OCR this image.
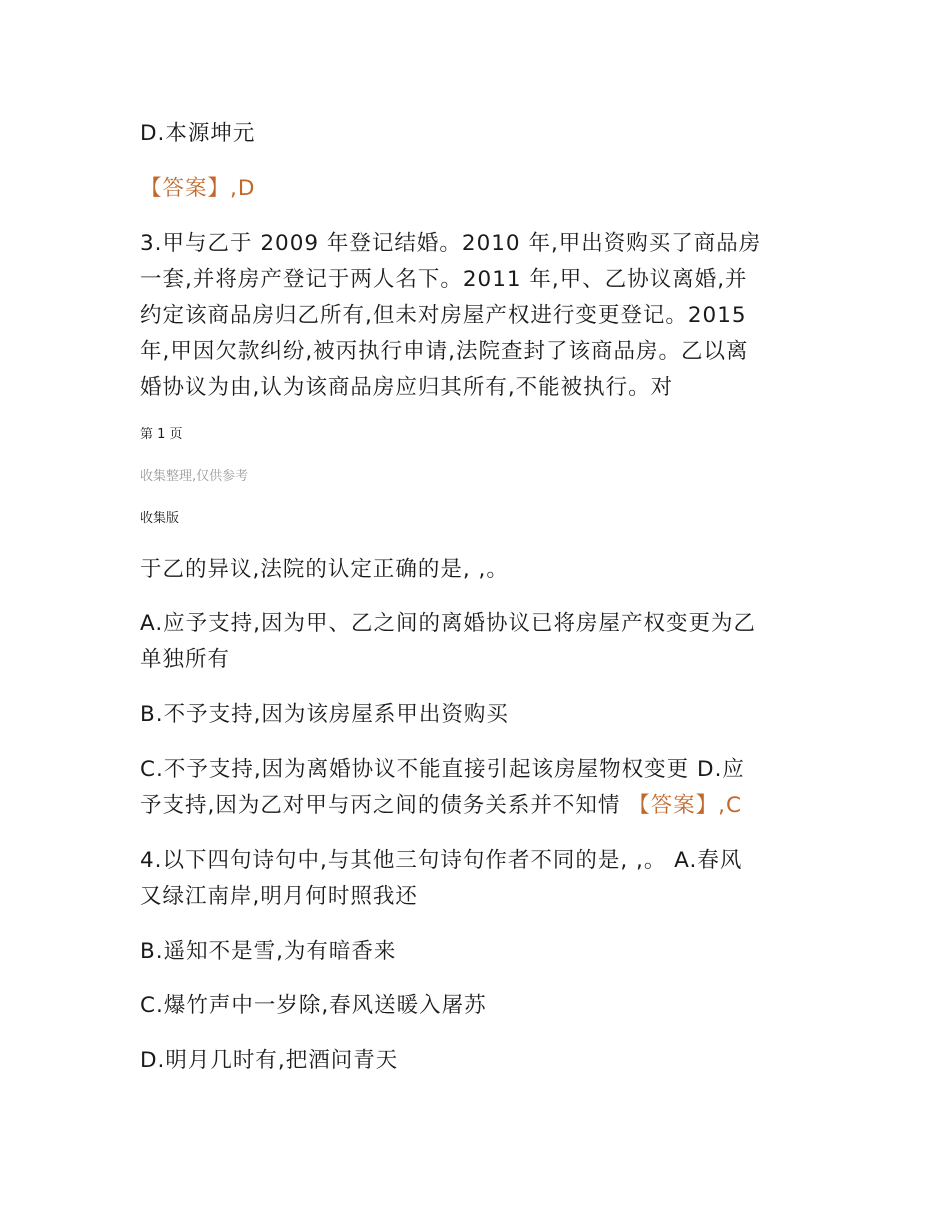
D.本源坤元
【答案】,D
3.甲与乙于 2009 年登记结婚。2010 年,甲出资购买了商品房
一套,并将房产登记于两人名下。2011 年,甲、乙协议离婚,并
约定该商品房归乙所有,但未对房屋产权进行变更登记。2015
年,甲因欠款纠纷,被丙执行申请,法院查封了该商品房。乙以离
婚协议为由,认为该商品房应归其所有,不能被执行。对
第 1 页
收集整理,仅供参考
收集版
于乙的异议,法院的认定正确的是, ,。
A.应予支持,因为甲、乙之间的离婚协议已将房屋产权变更为乙
单独所有
B.不予支持,因为该房屋系甲出资购买
C.不予支持,因为离婚协议不能直接引起该房屋物权变更 D.应
予支持,因为乙对甲与丙之间的债务关系并不知情 【答案】,C
4.以下四句诗句中,与其他三句诗句作者不同的是, ,。 A.春风
又绿江南岸,明月何时照我还
B.遥知不是雪,为有暗香来
C.爆竹声中一岁除,春风送暖入屠苏
D.明月几时有,把酒问青天
